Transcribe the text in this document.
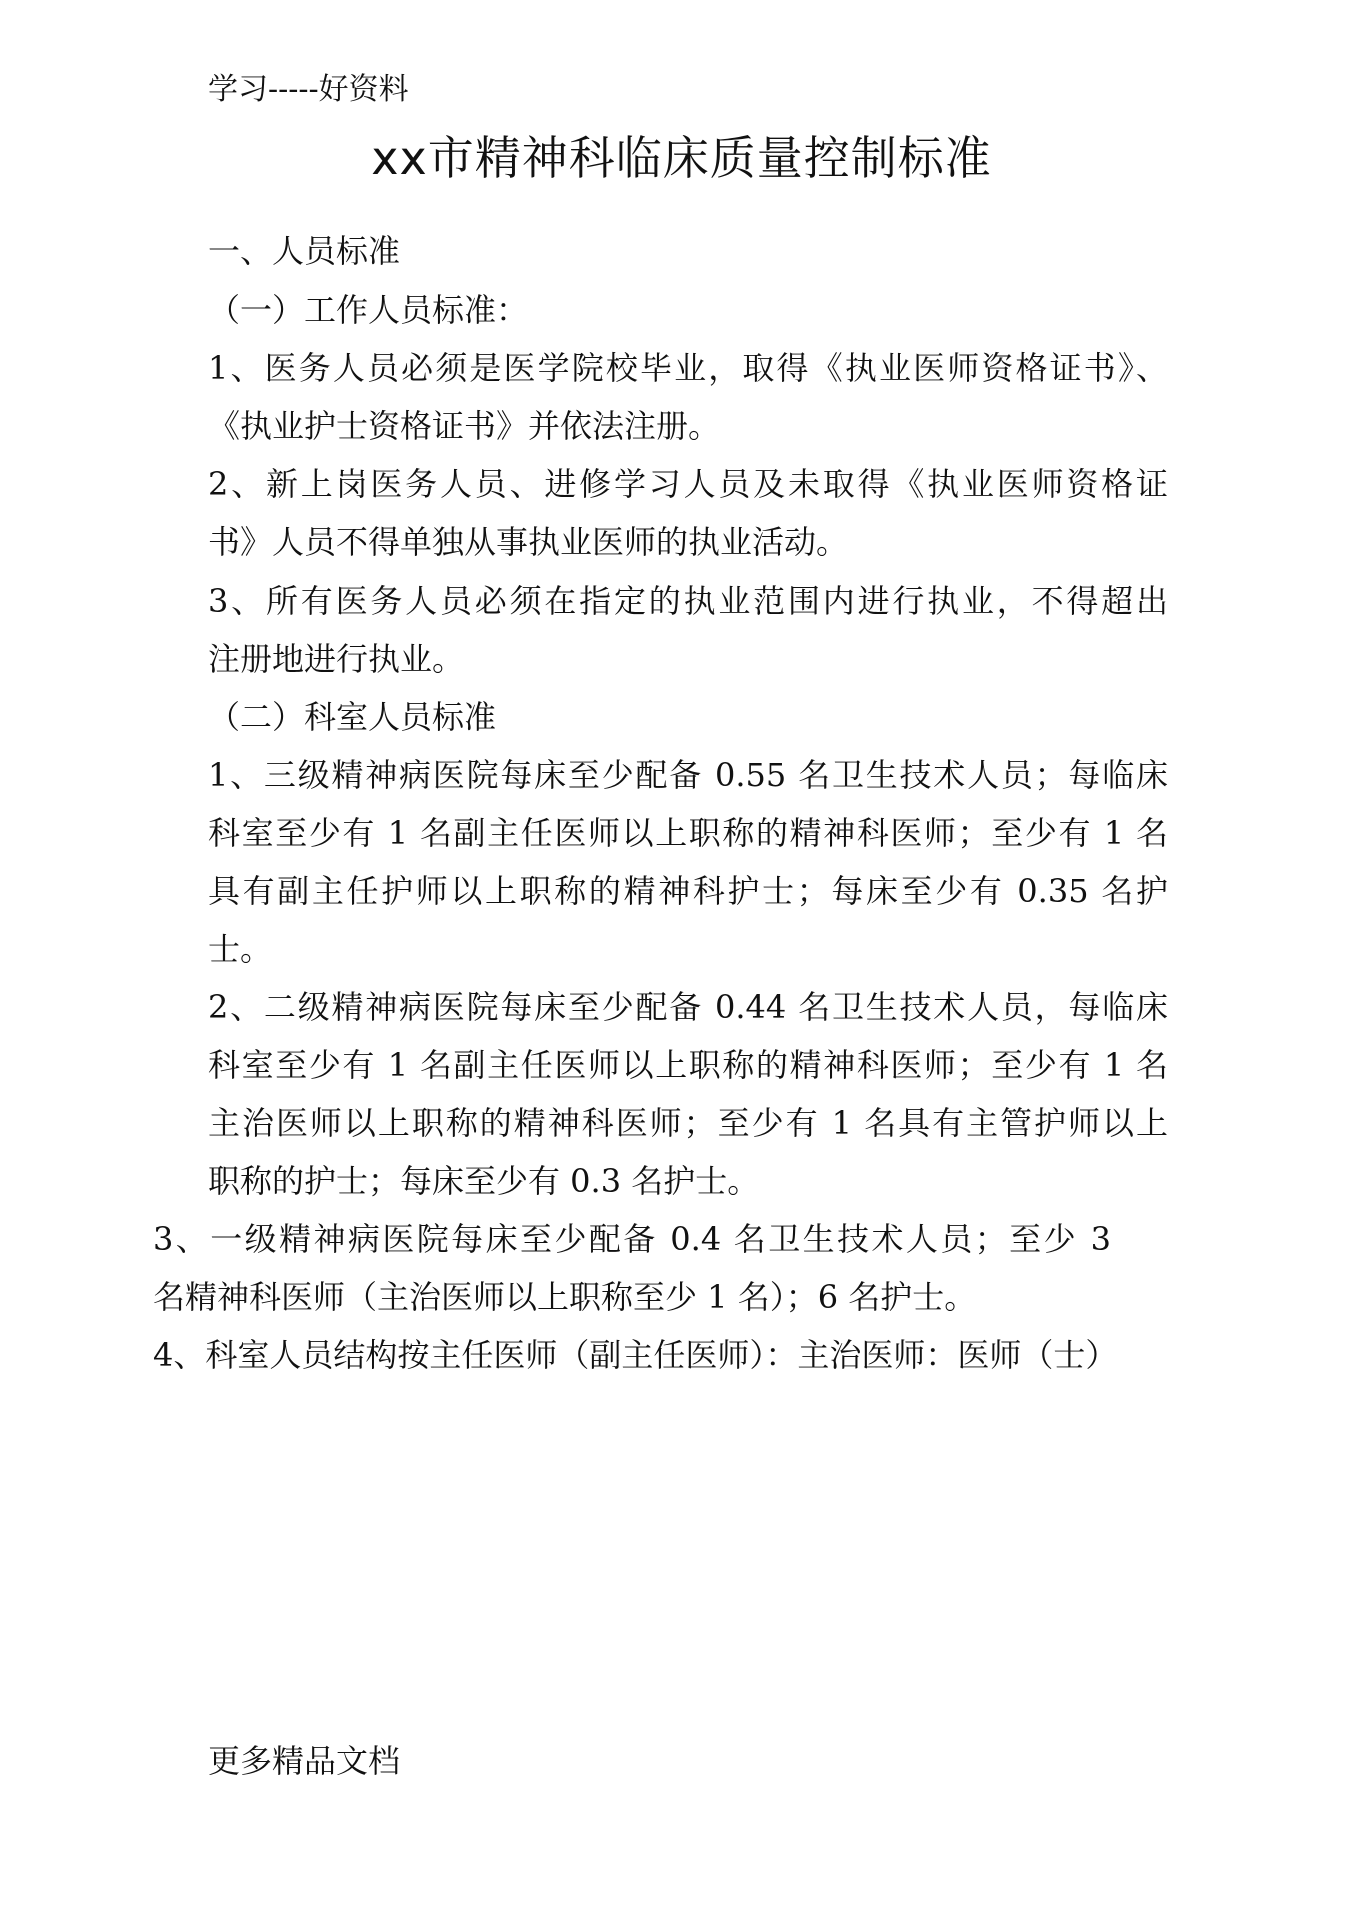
学习-----好资料
xx市精神科临床质量控制标准
一、人员标准
（一）工作人员标准：
1、医务人员必须是医学院校毕业，取得《执业医师资格证书》、
《执业护士资格证书》并依法注册。
2、新上岗医务人员、进修学习人员及未取得《执业医师资格证
书》人员不得单独从事执业医师的执业活动。
3、所有医务人员必须在指定的执业范围内进行执业，不得超出
注册地进行执业。
（二）科室人员标准
1、三级精神病医院每床至少配备 0.55 名卫生技术人员；每临床
科室至少有 1 名副主任医师以上职称的精神科医师；至少有 1 名
具有副主任护师以上职称的精神科护士；每床至少有 0.35 名护
士。
2、二级精神病医院每床至少配备 0.44 名卫生技术人员，每临床
科室至少有 1 名副主任医师以上职称的精神科医师；至少有 1 名
主治医师以上职称的精神科医师；至少有 1 名具有主管护师以上
职称的护士；每床至少有 0.3 名护士。
3、一级精神病医院每床至少配备 0.4 名卫生技术人员；至少 3
名精神科医师（主治医师以上职称至少 1 名）；6 名护士。
4、科室人员结构按主任医师（副主任医师）：主治医师：医师（士）
更多精品文档
